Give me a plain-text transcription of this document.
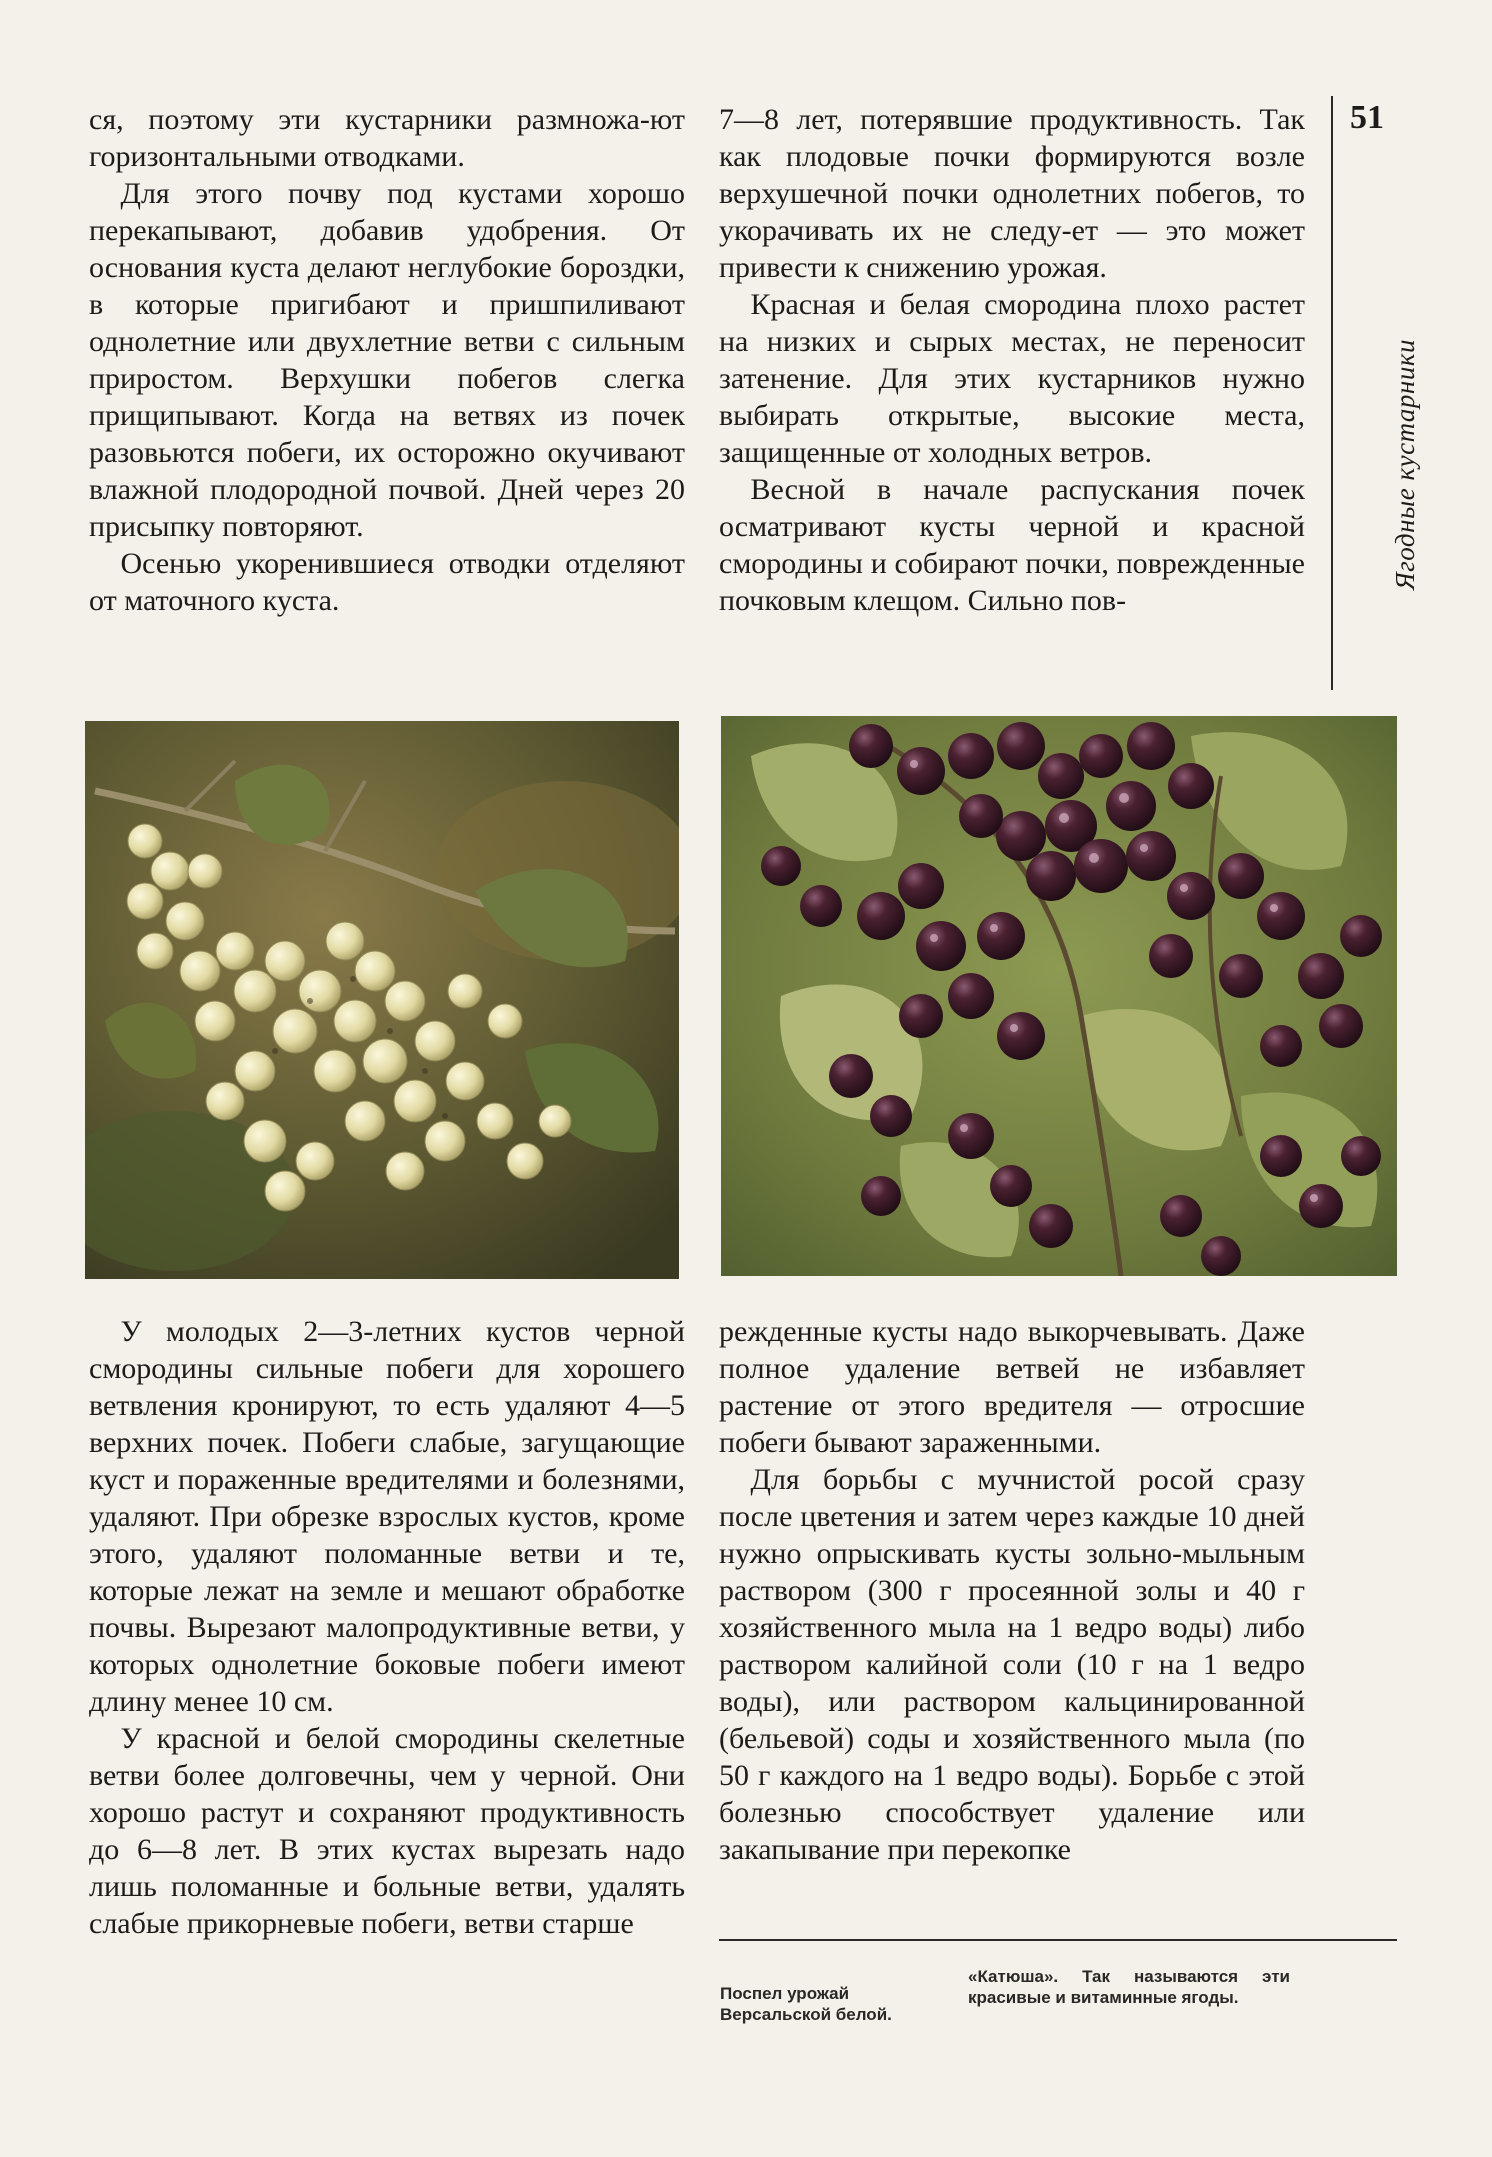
51
Ягодные кустарники

ся, поэтому эти кустарники размножа-ют горизонтальными отводками.

Для этого почву под кустами хорошо перекапывают, добавив удобрения. От основания куста делают неглубокие бороздки, в которые пригибают и пришпиливают однолетние или двухлетние ветви с сильным приростом. Верхушки побегов слегка прищипывают. Когда на ветвях из почек разовьются побеги, их осторожно окучивают влажной плодородной почвой. Дней через 20 присыпку повторяют.

Осенью укоренившиеся отводки отделяют от маточного куста.

7—8 лет, потерявшие продуктивность. Так как плодовые почки формируются возле верхушечной почки однолетних побегов, то укорачивать их не следу-ет — это может привести к снижению урожая.

Красная и белая смородина плохо растет на низких и сырых местах, не переносит затенение. Для этих кустарников нужно выбирать открытые, высокие места, защищенные от холодных ветров.

Весной в начале распускания почек осматривают кусты черной и красной смородины и собирают почки, поврежденные почковым клещом. Сильно пов-

У молодых 2—3-летних кустов черной смородины сильные побеги для хорошего ветвления кронируют, то есть удаляют 4—5 верхних почек. Побеги слабые, загущающие куст и пораженные вредителями и болезнями, удаляют. При обрезке взрослых кустов, кроме этого, удаляют поломанные ветви и те, которые лежат на земле и мешают обработке почвы. Вырезают малопродуктивные ветви, у которых однолетние боковые побеги имеют длину менее 10 см.

У красной и белой смородины скелетные ветви более долговечны, чем у черной. Они хорошо растут и сохраняют продуктивность до 6—8 лет. В этих кустах вырезать надо лишь поломанные и больные ветви, удалять слабые прикорневые побеги, ветви старше

режденные кусты надо выкорчевывать. Даже полное удаление ветвей не избавляет растение от этого вредителя — отросшие побеги бывают зараженными.

Для борьбы с мучнистой росой сразу после цветения и затем через каждые 10 дней нужно опрыскивать кусты зольно-мыльным раствором (300 г просеянной золы и 40 г хозяйственного мыла на 1 ведро воды) либо раствором калийной соли (10 г на 1 ведро воды), или раствором кальцинированной (бельевой) соды и хозяйственного мыла (по 50 г каждого на 1 ведро воды). Борьбе с этой болезнью способствует удаление или закапывание при перекопке

Поспел урожай Версальской белой.
«Катюша». Так называются эти красивые и витаминные ягоды.
